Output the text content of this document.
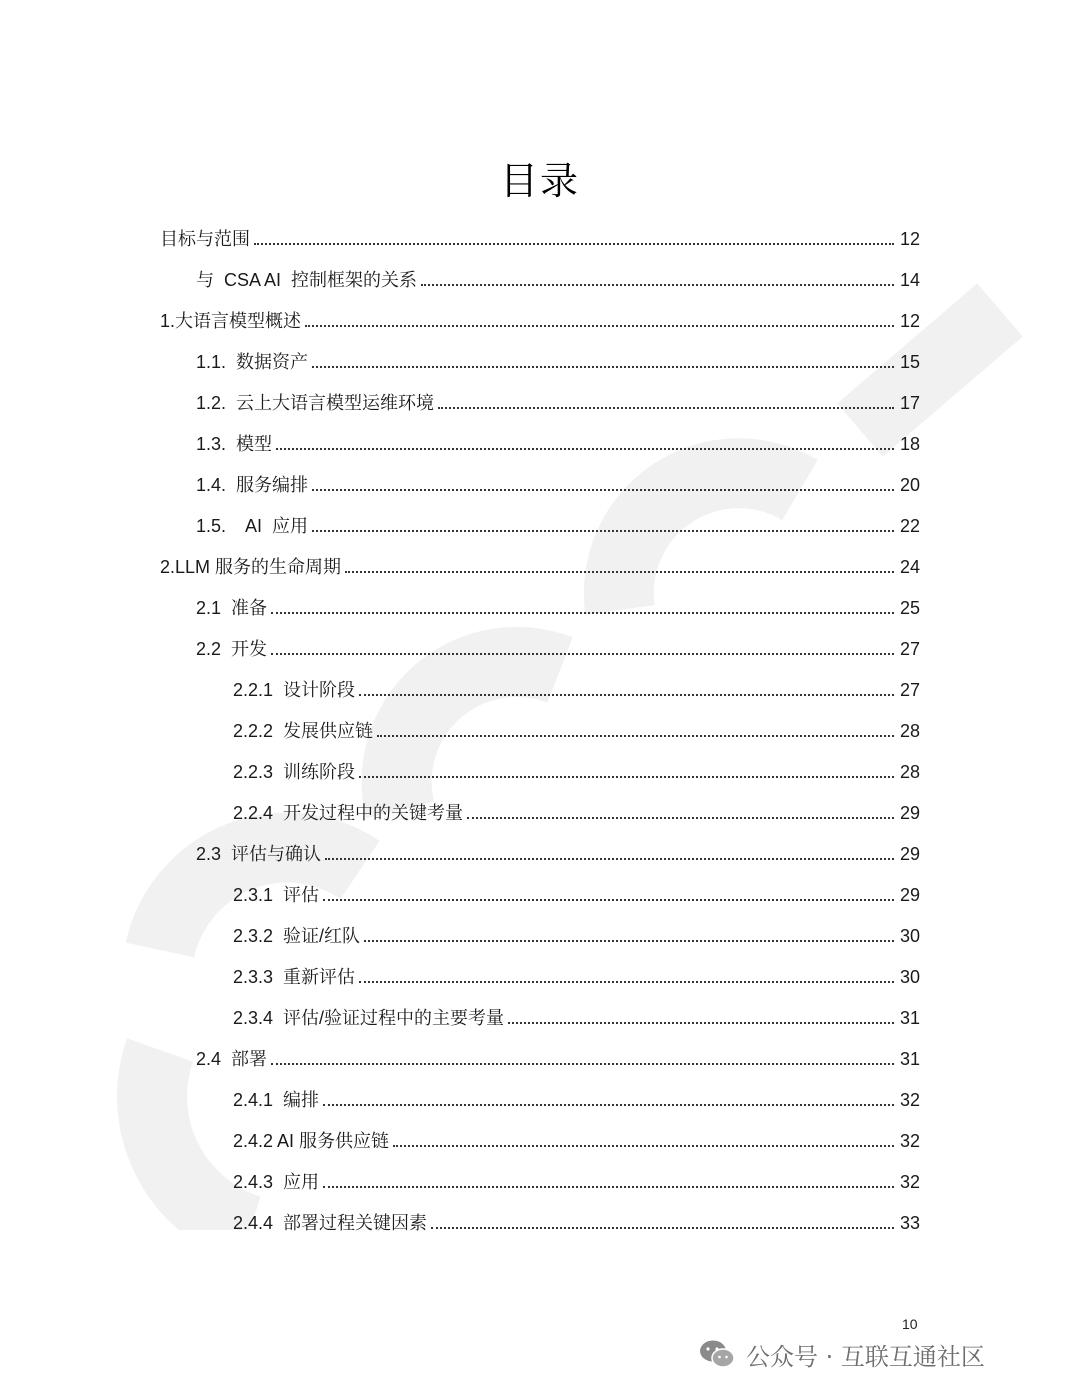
目录
目标与范围	12
与  CSA AI  控制框架的关系	14
1.大语言模型概述	12
1.1.  数据资产	15
1.2.  云上大语言模型运维环境	17
1.3.  模型	18
1.4.  服务编排	20
1.5.    AI  应用	22
2.LLM 服务的生命周期	24
2.1  准备	25
2.2  开发	27
2.2.1  设计阶段	27
2.2.2  发展供应链	28
2.2.3  训练阶段	28
2.2.4  开发过程中的关键考量	29
2.3  评估与确认	29
2.3.1  评估	29
2.3.2  验证/红队	30
2.3.3  重新评估	30
2.3.4  评估/验证过程中的主要考量	31
2.4  部署	31
2.4.1  编排	32
2.4.2 AI 服务供应链	32
2.4.3  应用	32
2.4.4  部署过程关键因素	33
10
公众号 · 互联互通社区
